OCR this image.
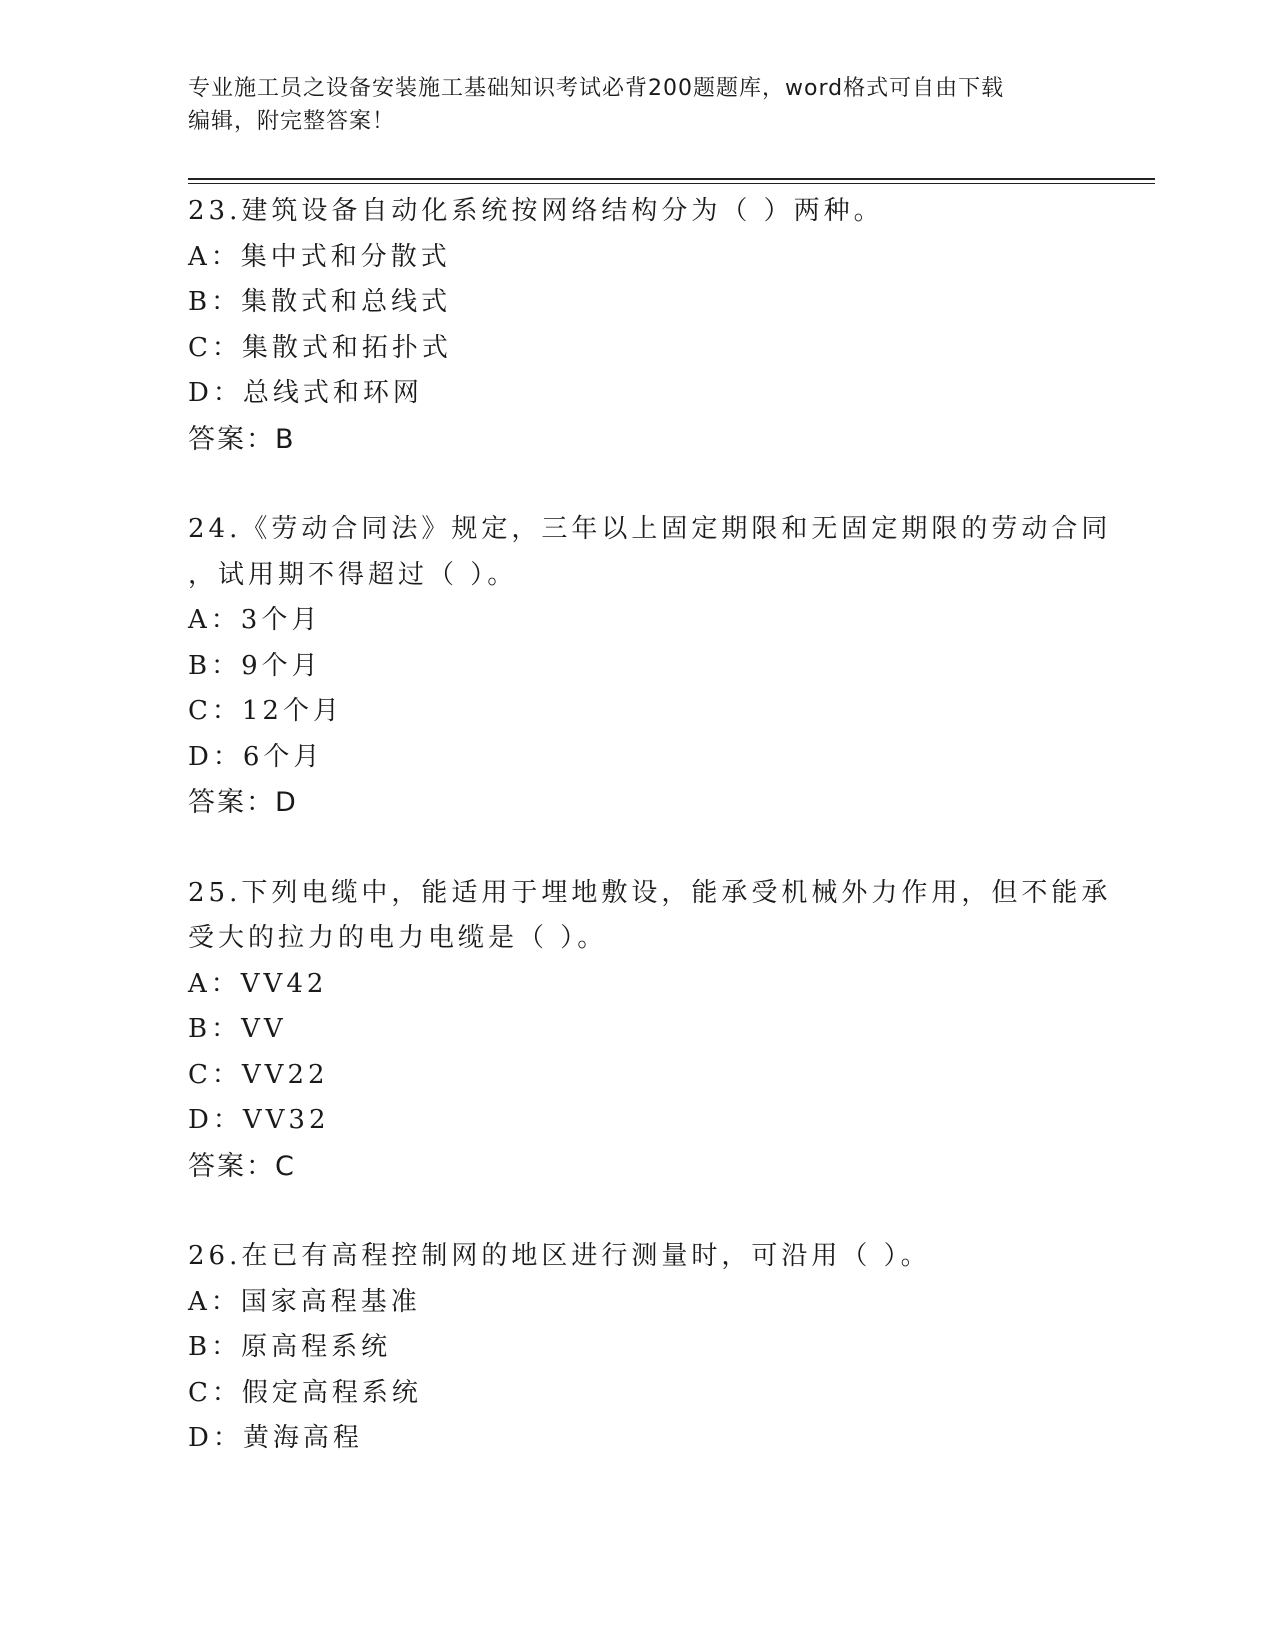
专业施工员之设备安装施工基础知识考试必背200题题库，word格式可自由下载
编辑，附完整答案！
23.建筑设备自动化系统按网络结构分为（ ）两种。
A：集中式和分散式
B：集散式和总线式
C：集散式和拓扑式
D：总线式和环网
答案：B
24.《劳动合同法》规定，三年以上固定期限和无固定期限的劳动合同
，试用期不得超过（ ）。
A：3个月
B：9个月
C：12个月
D：6个月
答案：D
25.下列电缆中，能适用于埋地敷设，能承受机械外力作用，但不能承
受大的拉力的电力电缆是（ ）。
A：VV42
B：VV
C：VV22
D：VV32
答案：C
26.在已有高程控制网的地区进行测量时，可沿用（ ）。
A：国家高程基准
B：原高程系统
C：假定高程系统
D：黄海高程
